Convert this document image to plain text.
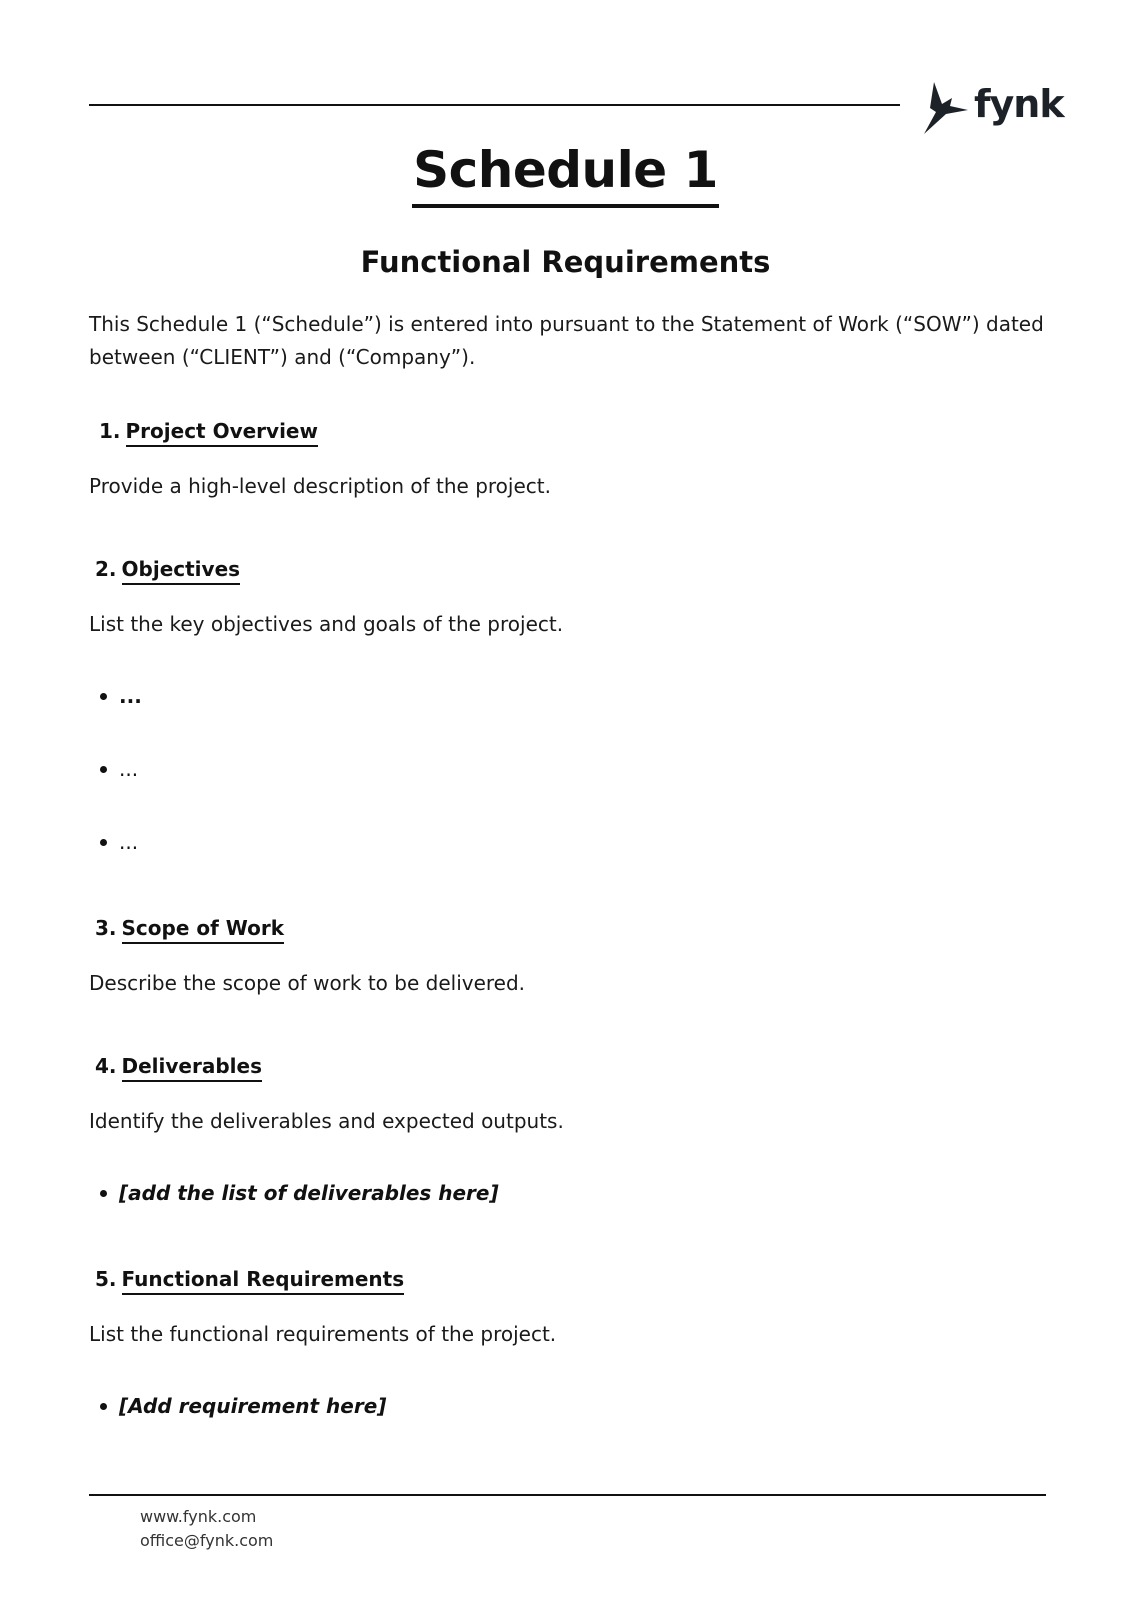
fynk
Schedule 1
Functional Requirements
This Schedule 1 (“Schedule”) is entered into pursuant to the Statement of Work (“SOW”) dated between (“CLIENT”) and (“Company”).
1. Project Overview
Provide a high-level description of the project.
2. Objectives
List the key objectives and goals of the project.
...
...
...
3. Scope of Work
Describe the scope of work to be delivered.
4. Deliverables
Identify the deliverables and expected outputs.
[add the list of deliverables here]
5. Functional Requirements
List the functional requirements of the project.
[Add requirement here]
www.fynk.com
office@fynk.com
